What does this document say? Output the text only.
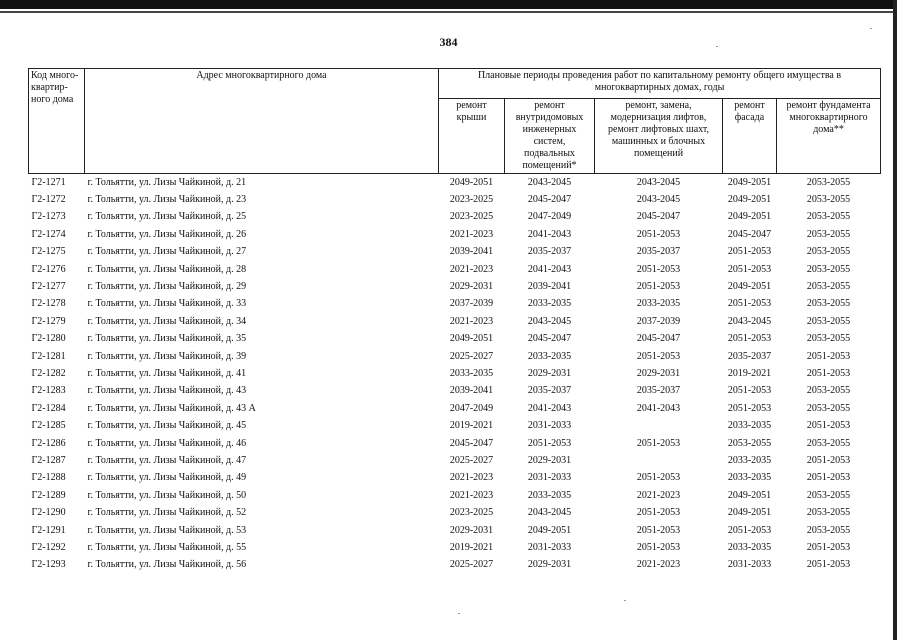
384
Код много-квартир-ного дома	Адрес многоквартирного дома	Плановые периоды проведения работ по капитальному ремонту общего имущества в многоквартирных домах, годы				
		ремонт крыши	ремонт внутридомовых инженерных систем, подвальных помещений*	ремонт, замена, модернизация лифтов, ремонт лифтовых шахт, машинных и блочных помещений	ремонт фасада	ремонт фундамента многоквартирного дома**
Г2-1271	г. Тольятти, ул. Лизы Чайкиной, д. 21	2049-2051	2043-2045	2043-2045	2049-2051	2053-2055
Г2-1272	г. Тольятти, ул. Лизы Чайкиной, д. 23	2023-2025	2045-2047	2043-2045	2049-2051	2053-2055
Г2-1273	г. Тольятти, ул. Лизы Чайкиной, д. 25	2023-2025	2047-2049	2045-2047	2049-2051	2053-2055
Г2-1274	г. Тольятти, ул. Лизы Чайкиной, д. 26	2021-2023	2041-2043	2051-2053	2045-2047	2053-2055
Г2-1275	г. Тольятти, ул. Лизы Чайкиной, д. 27	2039-2041	2035-2037	2035-2037	2051-2053	2053-2055
Г2-1276	г. Тольятти, ул. Лизы Чайкиной, д. 28	2021-2023	2041-2043	2051-2053	2051-2053	2053-2055
Г2-1277	г. Тольятти, ул. Лизы Чайкиной, д. 29	2029-2031	2039-2041	2051-2053	2049-2051	2053-2055
Г2-1278	г. Тольятти, ул. Лизы Чайкиной, д. 33	2037-2039	2033-2035	2033-2035	2051-2053	2053-2055
Г2-1279	г. Тольятти, ул. Лизы Чайкиной, д. 34	2021-2023	2043-2045	2037-2039	2043-2045	2053-2055
Г2-1280	г. Тольятти, ул. Лизы Чайкиной, д. 35	2049-2051	2045-2047	2045-2047	2051-2053	2053-2055
Г2-1281	г. Тольятти, ул. Лизы Чайкиной, д. 39	2025-2027	2033-2035	2051-2053	2035-2037	2051-2053
Г2-1282	г. Тольятти, ул. Лизы Чайкиной, д. 41	2033-2035	2029-2031	2029-2031	2019-2021	2051-2053
Г2-1283	г. Тольятти, ул. Лизы Чайкиной, д. 43	2039-2041	2035-2037	2035-2037	2051-2053	2053-2055
Г2-1284	г. Тольятти, ул. Лизы Чайкиной, д. 43 А	2047-2049	2041-2043	2041-2043	2051-2053	2053-2055
Г2-1285	г. Тольятти, ул. Лизы Чайкиной, д. 45	2019-2021	2031-2033		2033-2035	2051-2053
Г2-1286	г. Тольятти, ул. Лизы Чайкиной, д. 46	2045-2047	2051-2053	2051-2053	2053-2055	2053-2055
Г2-1287	г. Тольятти, ул. Лизы Чайкиной, д. 47	2025-2027	2029-2031		2033-2035	2051-2053
Г2-1288	г. Тольятти, ул. Лизы Чайкиной, д. 49	2021-2023	2031-2033	2051-2053	2033-2035	2051-2053
Г2-1289	г. Тольятти, ул. Лизы Чайкиной, д. 50	2021-2023	2033-2035	2021-2023	2049-2051	2053-2055
Г2-1290	г. Тольятти, ул. Лизы Чайкиной, д. 52	2023-2025	2043-2045	2051-2053	2049-2051	2053-2055
Г2-1291	г. Тольятти, ул. Лизы Чайкиной, д. 53	2029-2031	2049-2051	2051-2053	2051-2053	2053-2055
Г2-1292	г. Тольятти, ул. Лизы Чайкиной, д. 55	2019-2021	2031-2033	2051-2053	2033-2035	2051-2053
Г2-1293	г. Тольятти, ул. Лизы Чайкиной, д. 56	2025-2027	2029-2031	2021-2023	2031-2033	2051-2053
